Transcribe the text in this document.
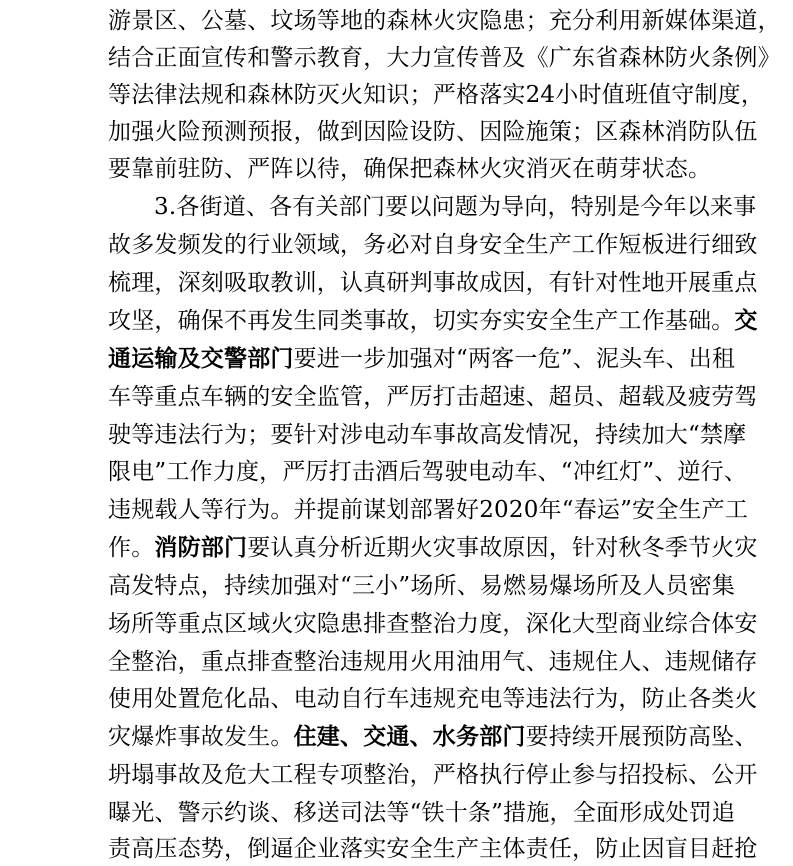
游景区、公墓、坟场等地的森林火灾隐患；充分利用新媒体渠道，
结合正面宣传和警示教育，大力宣传普及《广东省森林防火条例》
等法律法规和森林防灭火知识；严格落实24小时值班值守制度，
加强火险预测预报，做到因险设防、因险施策；区森林消防队伍
要靠前驻防、严阵以待，确保把森林火灾消灭在萌芽状态。
3.各街道、各有关部门要以问题为导向，特别是今年以来事
故多发频发的行业领域，务必对自身安全生产工作短板进行细致
梳理，深刻吸取教训，认真研判事故成因，有针对性地开展重点
攻坚，确保不再发生同类事故，切实夯实安全生产工作基础。交
通运输及交警部门要进一步加强对“两客一危”、泥头车、出租
车等重点车辆的安全监管，严厉打击超速、超员、超载及疲劳驾
驶等违法行为；要针对涉电动车事故高发情况，持续加大“禁摩
限电”工作力度，严厉打击酒后驾驶电动车、“冲红灯”、逆行、
违规载人等行为。并提前谋划部署好2020年“春运”安全生产工
作。消防部门要认真分析近期火灾事故原因，针对秋冬季节火灾
高发特点，持续加强对“三小”场所、易燃易爆场所及人员密集
场所等重点区域火灾隐患排查整治力度，深化大型商业综合体安
全整治，重点排查整治违规用火用油用气、违规住人、违规储存
使用处置危化品、电动自行车违规充电等违法行为，防止各类火
灾爆炸事故发生。住建、交通、水务部门要持续开展预防高坠、
坍塌事故及危大工程专项整治，严格执行停止参与招投标、公开
曝光、警示约谈、移送司法等“铁十条”措施，全面形成处罚追
责高压态势，倒逼企业落实安全生产主体责任，防止因盲目赶抢
